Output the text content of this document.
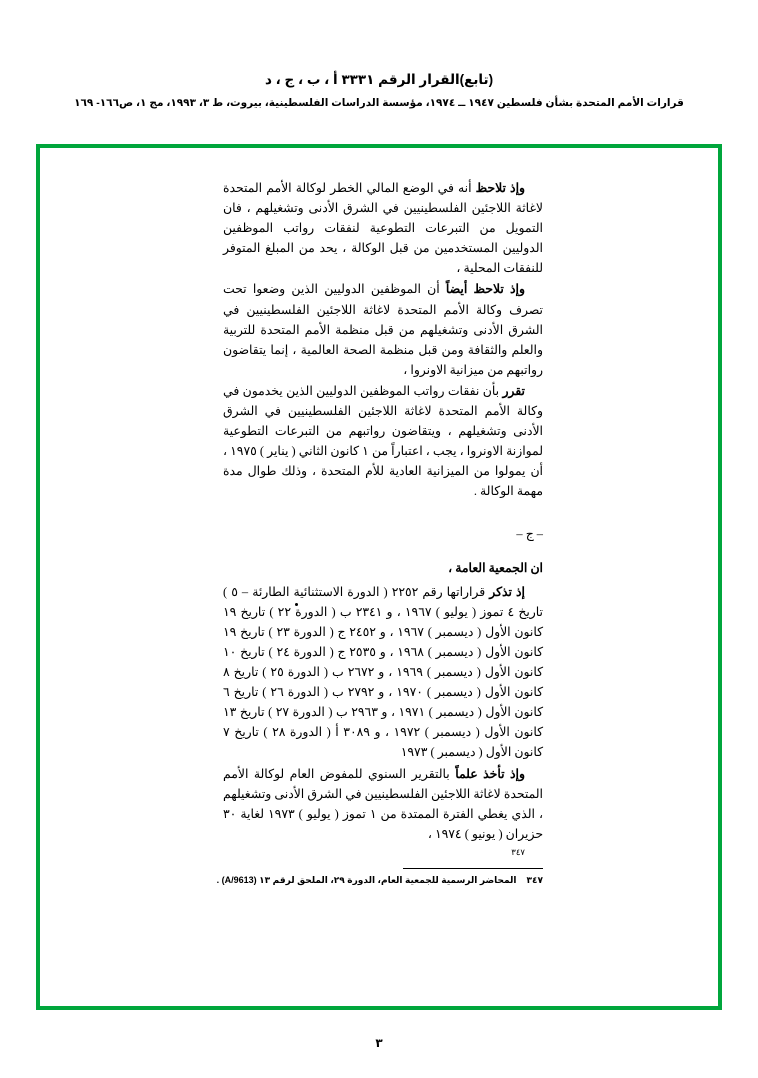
(تابع)القرار الرقم ٣٣٣١ أ ، ب ، ج ، د
قرارات الأمم المتحدة بشأن فلسطين ١٩٤٧ ــ ١٩٧٤، مؤسسة الدراسات الفلسطينية، بيروت، ط ٣، ١٩٩٣، مج ١، ص١٦٦- ١٦٩

وإذ تلاحظ أنه في الوضع المالي الخطر لوكالة الأمم المتحدة لاغاثة اللاجئين الفلسطينيين في الشرق الأدنى وتشغيلهم ، فان التمويل من التبرعات التطوعية لنفقات رواتب الموظفين الدوليين المستخدمين من قبل الوكالة ، يحد من المبلغ المتوفر للنفقات المحلية ،

وإذ تلاحظ أيضاً أن الموظفين الدوليين الذين وضعوا تحت تصرف وكالة الأمم المتحدة لاغاثة اللاجئين الفلسطينيين في الشرق الأدنى وتشغيلهم من قبل منظمة الأمم المتحدة للتربية والعلم والثقافة ومن قبل منظمة الصحة العالمية ، إنما يتقاضون رواتبهم من ميزانية الاونروا ،

تقرر بأن نفقات رواتب الموظفين الدوليين الذين يخدمون في وكالة الأمم المتحدة لاغاثة اللاجئين الفلسطينيين في الشرق الأدنى وتشغيلهم ، ويتقاضون رواتبهم من التبرعات التطوعية لموازنة الاونروا ، يجب ، اعتباراً من ١ كانون الثاني ( يناير ) ١٩٧٥ ، أن يمولوا من الميزانية العادية للأم المتحدة ، وذلك طوال مدة مهمة الوكالة .

– ج –

ان الجمعية العامة ،

إذ تذكر قراراتها رقم ٢٢٥٢ ( الدورة الاستثنائية الطارئة – ٥ ) تاريخ ٤ تموز ( يوليو ) ١٩٦٧ ، و ٢٣٤١ ب ( الدورة ٢٢ ) تاريخ ١٩ كانون الأول ( ديسمبر ) ١٩٦٧ ، و ٢٤٥٢ ج ( الدورة ٢٣ ) تاريخ ١٩ كانون الأول ( ديسمبر ) ١٩٦٨ ، و ٢٥٣٥ ج ( الدورة ٢٤ ) تاريخ ١٠ كانون الأول ( ديسمبر ) ١٩٦٩ ، و ٢٦٧٢ ب ( الدورة ٢٥ ) تاريخ ٨ كانون الأول ( ديسمبر ) ١٩٧٠ ، و ٢٧٩٢ ب ( الدورة ٢٦ ) تاريخ ٦ كانون الأول ( ديسمبر ) ١٩٧١ ، و ٢٩٦٣ ب ( الدورة ٢٧ ) تاريخ ١٣ كانون الأول ( ديسمبر ) ١٩٧٢ ، و ٣٠٨٩ أ ( الدورة ٢٨ ) تاريخ ٧ كانون الأول ( ديسمبر ) ١٩٧٣

وإذ تأخذ علماً بالتقرير السنوي للمفوض العام لوكالة الأمم المتحدة لاغاثة اللاجئين الفلسطينيين في الشرق الأدنى وتشغيلهم ، الذي يغطي الفترة الممتدة من ١ تموز ( يوليو ) ١٩٧٣ لغاية ٣٠ حزيران ( يونيو ) ١٩٧٤ ،
٣٤٧

٣٤٧المحاضر الرسمية للجمعية العام، الدورة ٢٩، الملحق لرقم ١٣ (A/9613) .
٣
